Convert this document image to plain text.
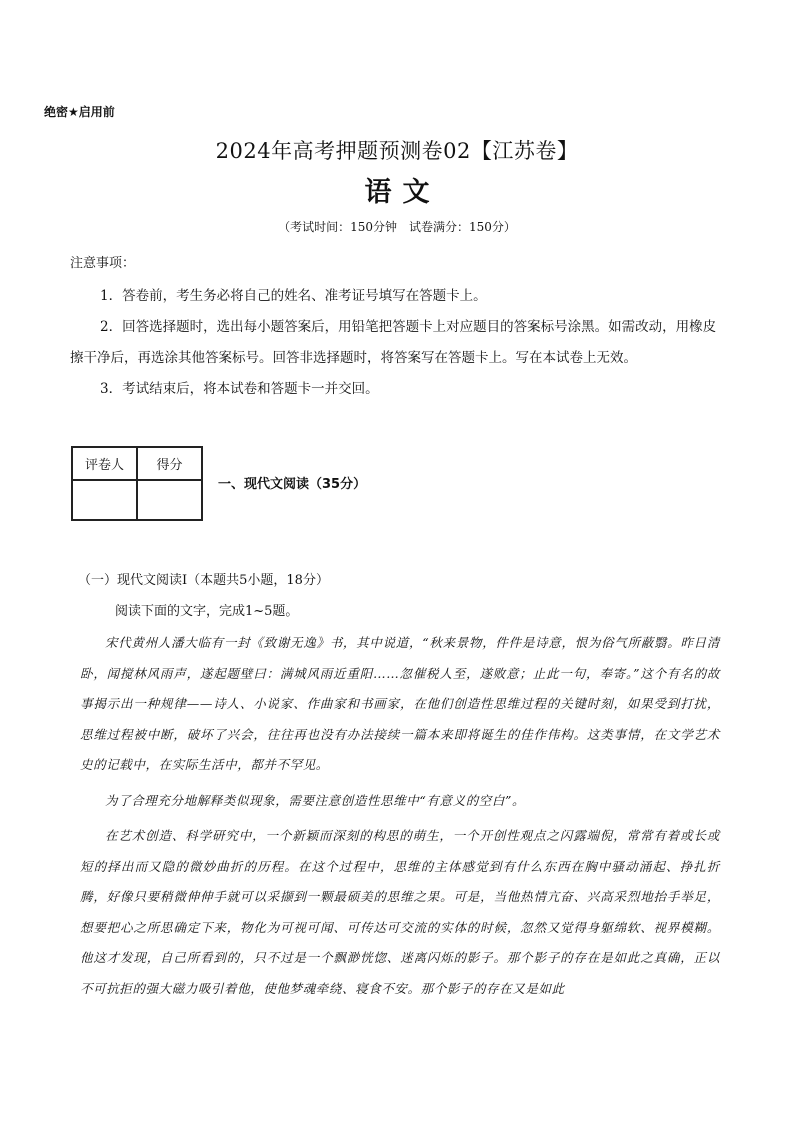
绝密★启用前
2024年高考押题预测卷02【江苏卷】
语 文
（考试时间：150分钟　试卷满分：150分）
注意事项：
1．答卷前，考生务必将自己的姓名、准考证号填写在答题卡上。
2．回答选择题时，选出每小题答案后，用铅笔把答题卡上对应题目的答案标号涂黑。如需改动，用橡皮擦干净后，再选涂其他答案标号。回答非选择题时，将答案写在答题卡上。写在本试卷上无效。
3．考试结束后，将本试卷和答题卡一并交回。
评卷人	得分

一、现代文阅读（35分）
（一）现代文阅读I（本题共5小题，18分）
阅读下面的文字，完成1~5题。

宋代黄州人潘大临有一封《致谢无逸》书，其中说道，“秋来景物，件件是诗意，恨为俗气所蔽翳。昨日清卧，闻搅林风雨声，遂起题壁曰：满城风雨近重阳……忽催税人至，遂败意；止此一句，奉寄。”这个有名的故事揭示出一种规律——诗人、小说家、作曲家和书画家，在他们创造性思维过程的关键时刻，如果受到打扰，思维过程被中断，破坏了兴会，往往再也没有办法接续一篇本来即将诞生的佳作伟构。这类事情，在文学艺术史的记载中，在实际生活中，都并不罕见。

为了合理充分地解释类似现象，需要注意创造性思维中“有意义的空白”。

在艺术创造、科学研究中，一个新颖而深刻的构思的萌生，一个开创性观点之闪露端倪，常常有着或长或短的择出而又隐的微妙曲折的历程。在这个过程中，思维的主体感觉到有什么东西在胸中骚动涌起、挣扎折腾，好像只要稍微伸伸手就可以采撷到一颗最硕美的思维之果。可是，当他热情亢奋、兴高采烈地抬手举足，想要把心之所思确定下来，物化为可视可闻、可传达可交流的实体的时候，忽然又觉得身躯绵软、视界模糊。他这才发现，自己所看到的，只不过是一个飘渺恍惚、迷离闪烁的影子。那个影子的存在是如此之真确，正以不可抗拒的强大磁力吸引着他，使他梦魂牵绕、寝食不安。那个影子的存在又是如此
